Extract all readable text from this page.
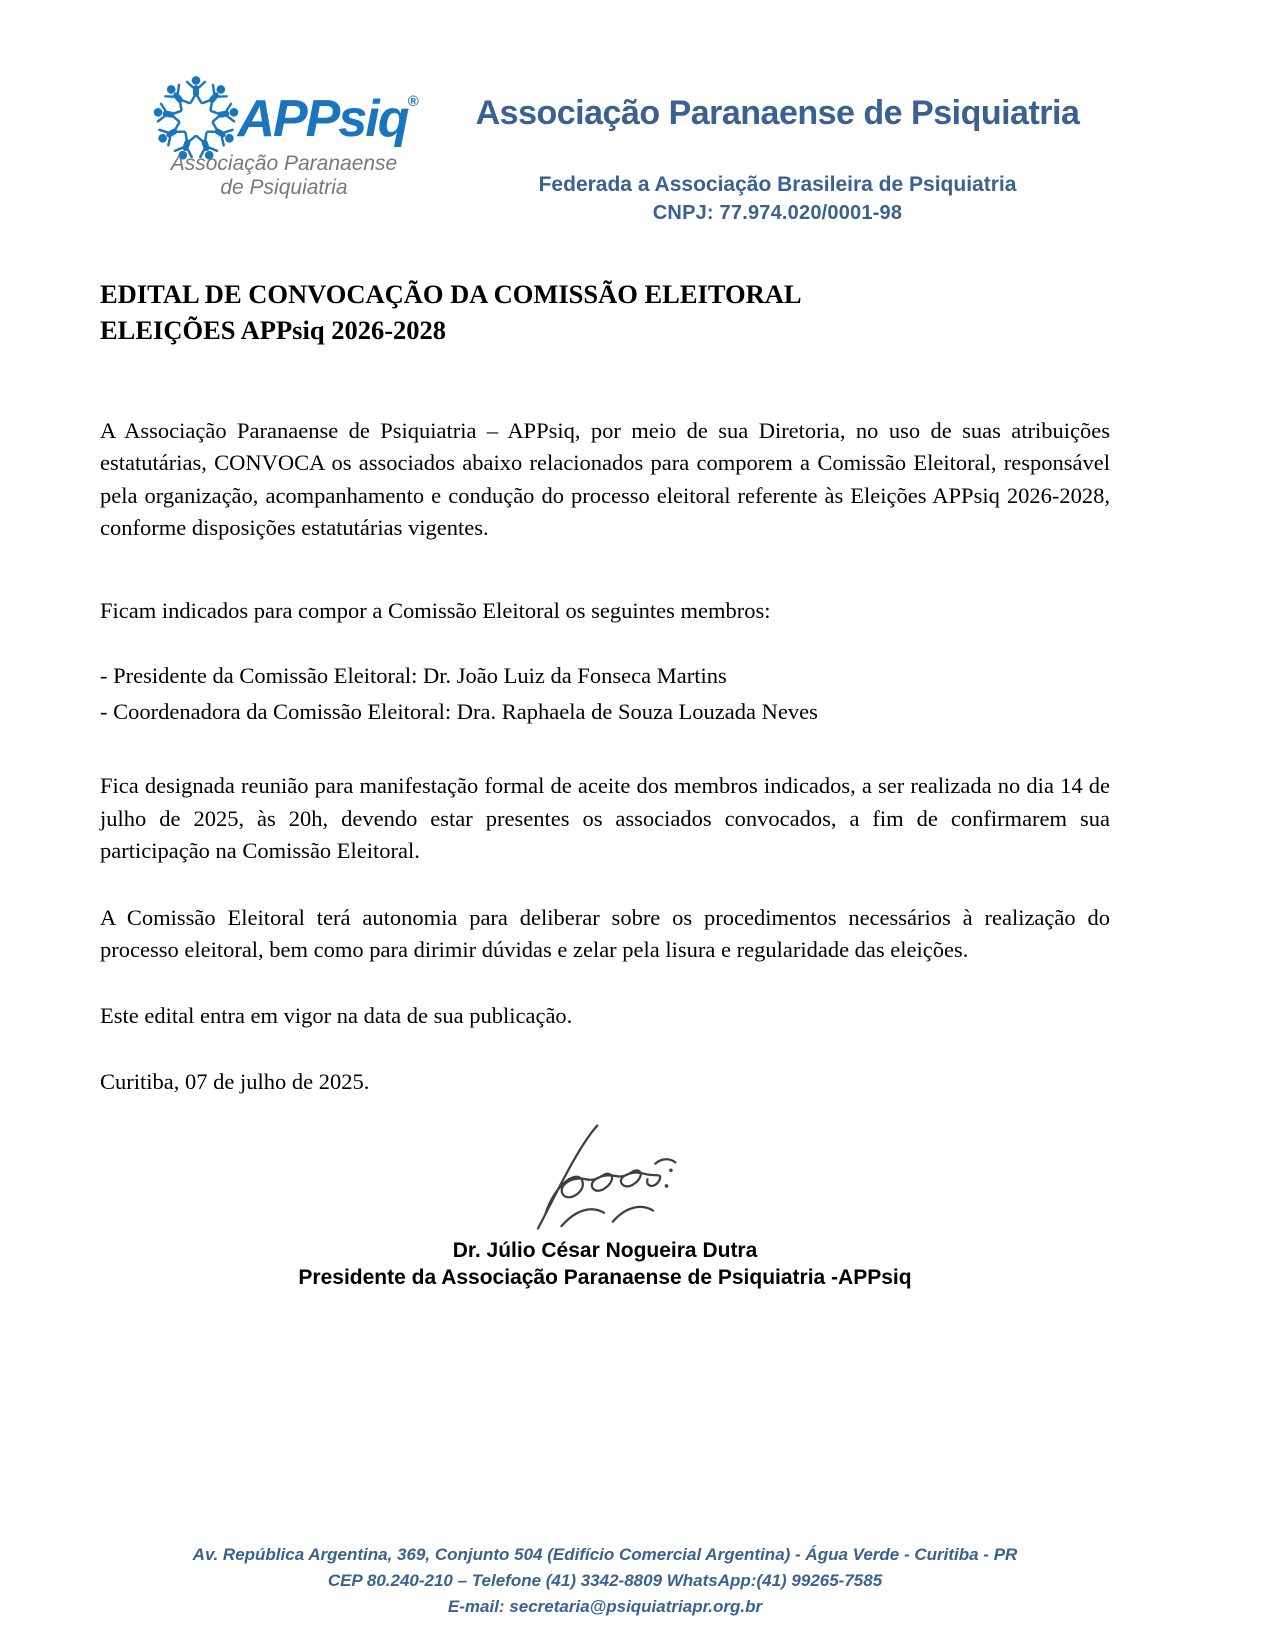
APPsiq®
Associação Paranaense
de Psiquiatria
Associação Paranaense de Psiquiatria
Federada a Associação Brasileira de Psiquiatria
CNPJ: 77.974.020/0001-98
EDITAL DE CONVOCAÇÃO DA COMISSÃO ELEITORAL
ELEIÇÕES APPsiq 2026-2028

A Associação Paranaense de Psiquiatria – APPsiq, por meio de sua Diretoria, no uso de suas atribuições estatutárias, CONVOCA os associados abaixo relacionados para comporem a Comissão Eleitoral, responsável pela organização, acompanhamento e condução do processo eleitoral referente às Eleições APPsiq 2026-2028, conforme disposições estatutárias vigentes.

Ficam indicados para compor a Comissão Eleitoral os seguintes membros:

- Presidente da Comissão Eleitoral: Dr. João Luiz da Fonseca Martins

- Coordenadora da Comissão Eleitoral: Dra. Raphaela de Souza Louzada Neves

Fica designada reunião para manifestação formal de aceite dos membros indicados, a ser realizada no dia 14 de julho de 2025, às 20h, devendo estar presentes os associados convocados, a fim de confirmarem sua participação na Comissão Eleitoral.

A Comissão Eleitoral terá autonomia para deliberar sobre os procedimentos necessários à realização do processo eleitoral, bem como para dirimir dúvidas e zelar pela lisura e regularidade das eleições.

Este edital entra em vigor na data de sua publicação.

Curitiba, 07 de julho de 2025.

Dr. Júlio César Nogueira Dutra
Presidente da Associação Paranaense de Psiquiatria -APPsiq
Av. República Argentina, 369, Conjunto 504 (Edifício Comercial Argentina) - Água Verde - Curitiba - PR
CEP 80.240-210 – Telefone (41) 3342-8809 WhatsApp:(41) 99265-7585
E-mail: secretaria@psiquiatriapr.org.br
